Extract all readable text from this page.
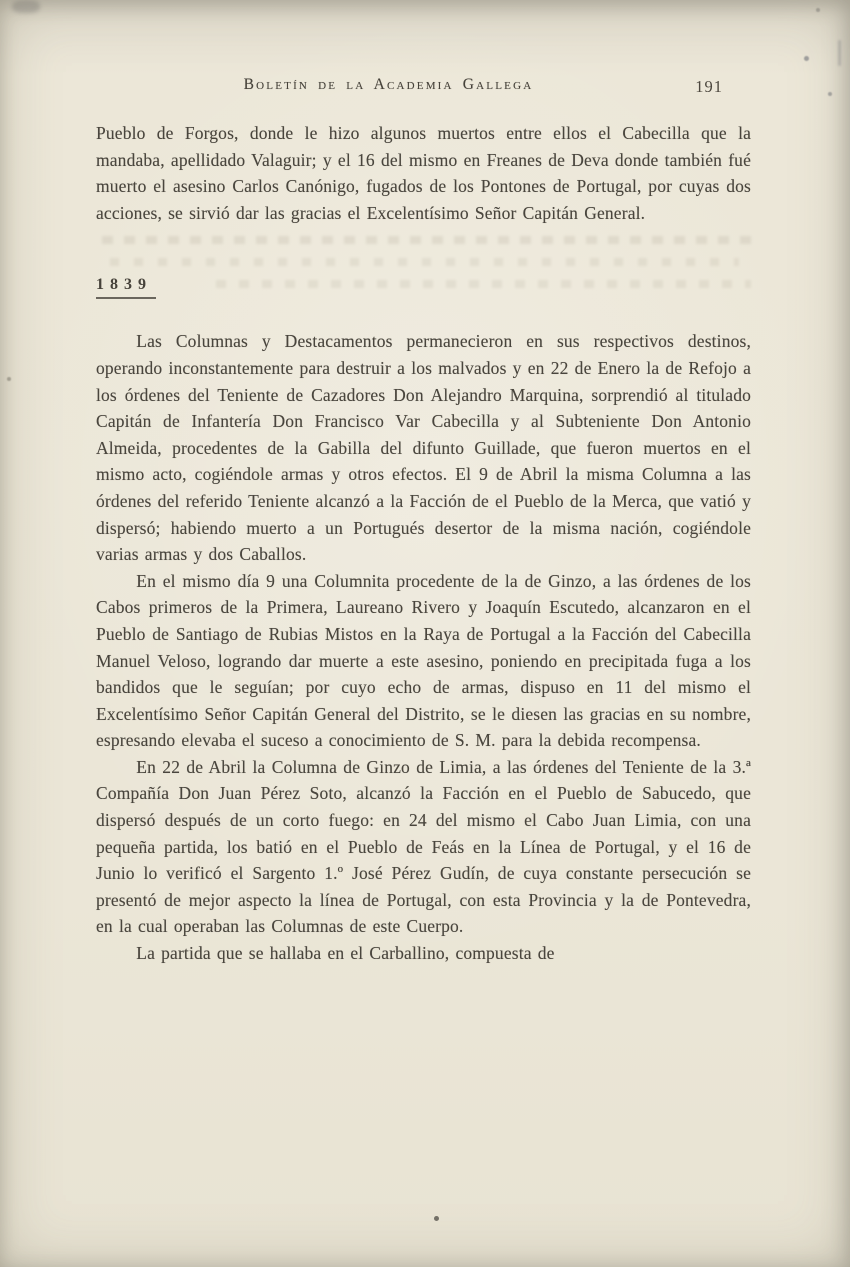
Boletín de la Academia Gallega	191

Pueblo de Forgos, donde le hizo algunos muertos entre ellos el Cabecilla que la mandaba, apellidado Valaguir; y el 16 del mismo en Freanes de Deva donde también fué muerto el asesino Carlos Canónigo, fugados de los Pontones de Portugal, por cuyas dos acciones, se sirvió dar las gracias el Excelentísimo Señor Capitán General.

1839

Las Columnas y Destacamentos permanecieron en sus respectivos destinos, operando inconstantemente para destruir a los malvados y en 22 de Enero la de Refojo a los órdenes del Teniente de Cazadores Don Alejandro Marquina, sorprendió al titulado Capitán de Infantería Don Francisco Var Cabecilla y al Subteniente Don Antonio Almeida, procedentes de la Gabilla del difunto Guillade, que fueron muertos en el mismo acto, cogiéndole armas y otros efectos. El 9 de Abril la misma Columna a las órdenes del referido Teniente alcanzó a la Facción de el Pueblo de la Merca, que vatió y dispersó; habiendo muerto a un Portugués desertor de la misma nación, cogiéndole varias armas y dos Caballos.

En el mismo día 9 una Columnita procedente de la de Ginzo, a las órdenes de los Cabos primeros de la Primera, Laureano Rivero y Joaquín Escutedo, alcanzaron en el Pueblo de Santiago de Rubias Mistos en la Raya de Portugal a la Facción del Cabecilla Manuel Veloso, logrando dar muerte a este asesino, poniendo en precipitada fuga a los bandidos que le seguían; por cuyo echo de armas, dispuso en 11 del mismo el Excelentísimo Señor Capitán General del Distrito, se le diesen las gracias en su nombre, espresando elevaba el suceso a conocimiento de S. M. para la debida recompensa.

En 22 de Abril la Columna de Ginzo de Limia, a las órdenes del Teniente de la 3.ª Compañía Don Juan Pérez Soto, alcanzó la Facción en el Pueblo de Sabucedo, que dispersó después de un corto fuego: en 24 del mismo el Cabo Juan Limia, con una pequeña partida, los batió en el Pueblo de Feás en la Línea de Portugal, y el 16 de Junio lo verificó el Sargento 1.º José Pérez Gudín, de cuya constante persecución se presentó de mejor aspecto la línea de Portugal, con esta Provincia y la de Pontevedra, en la cual operaban las Columnas de este Cuerpo.

La partida que se hallaba en el Carballino, compuesta de
